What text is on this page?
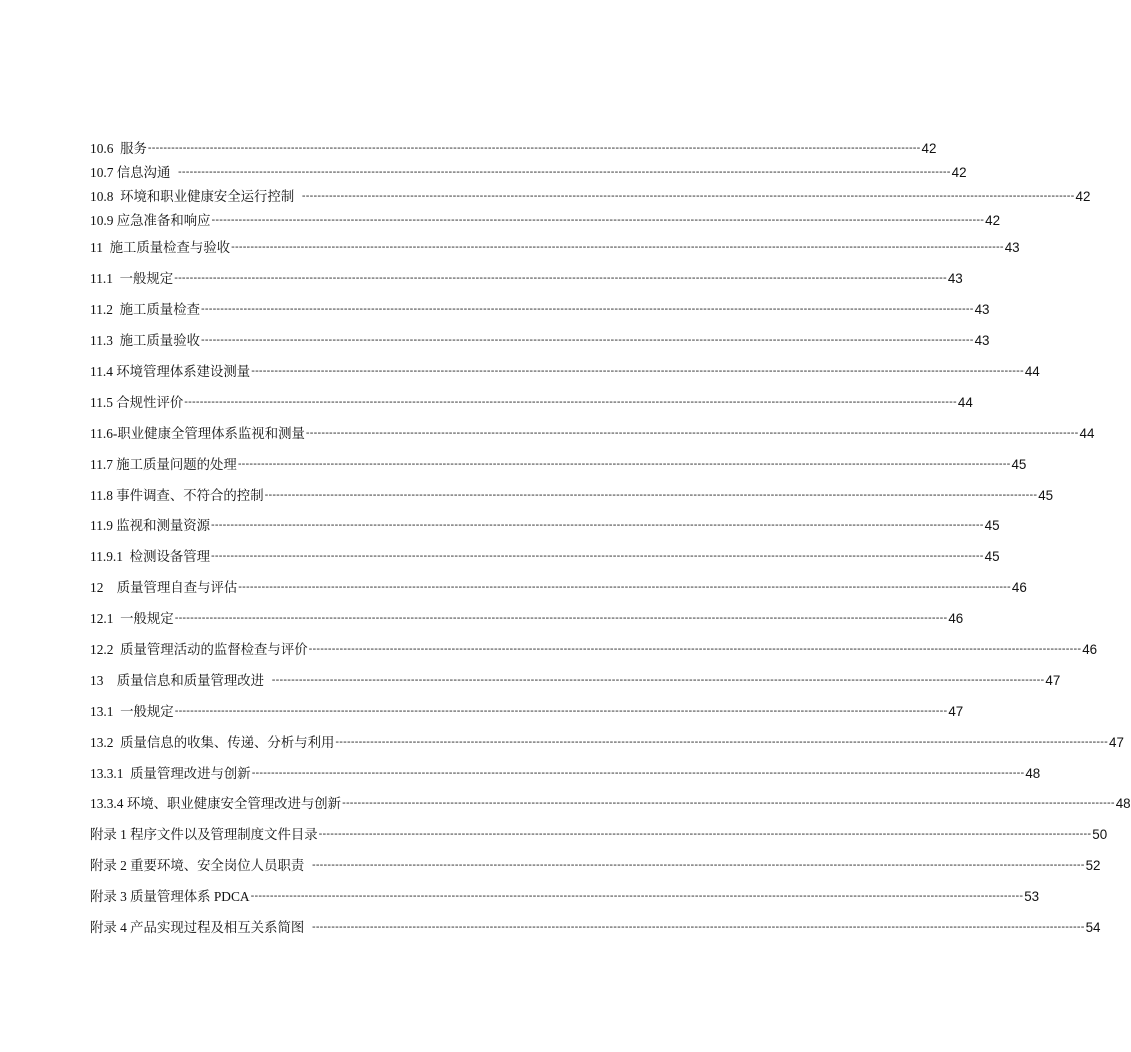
10.6  服务 -------------------------------------------------------------------------------------------------------------------------------------------------------------------------------------------------------- 42
10.7 信息沟通 -------------------------------------------------------------------------------------------------------------------------------------------------------------------------------------------------------- 42
10.8  环境和职业健康安全运行控制 -------------------------------------------------------------------------------------------------------------------------------------------------------------------------------------------------------- 42
10.9 应急准备和响应 -------------------------------------------------------------------------------------------------------------------------------------------------------------------------------------------------------- 42
11  施工质量检查与验收 -------------------------------------------------------------------------------------------------------------------------------------------------------------------------------------------------------- 43
11.1  一般规定 -------------------------------------------------------------------------------------------------------------------------------------------------------------------------------------------------------- 43
11.2  施工质量检查 -------------------------------------------------------------------------------------------------------------------------------------------------------------------------------------------------------- 43
11.3  施工质量验收 -------------------------------------------------------------------------------------------------------------------------------------------------------------------------------------------------------- 43
11.4 环境管理体系建设测量 -------------------------------------------------------------------------------------------------------------------------------------------------------------------------------------------------------- 44
11.5 合规性评价 -------------------------------------------------------------------------------------------------------------------------------------------------------------------------------------------------------- 44
11.6-职业健康全管理体系监视和测量 -------------------------------------------------------------------------------------------------------------------------------------------------------------------------------------------------------- 44
11.7 施工质量问题的处理 -------------------------------------------------------------------------------------------------------------------------------------------------------------------------------------------------------- 45
11.8 事件调查、不符合的控制 -------------------------------------------------------------------------------------------------------------------------------------------------------------------------------------------------------- 45
11.9 监视和测量资源 -------------------------------------------------------------------------------------------------------------------------------------------------------------------------------------------------------- 45
11.9.1  检测设备管理 -------------------------------------------------------------------------------------------------------------------------------------------------------------------------------------------------------- 45
12    质量管理自查与评估 -------------------------------------------------------------------------------------------------------------------------------------------------------------------------------------------------------- 46
12.1  一般规定 -------------------------------------------------------------------------------------------------------------------------------------------------------------------------------------------------------- 46
12.2  质量管理活动的监督检查与评价 -------------------------------------------------------------------------------------------------------------------------------------------------------------------------------------------------------- 46
13    质量信息和质量管理改进 -------------------------------------------------------------------------------------------------------------------------------------------------------------------------------------------------------- 47
13.1  一般规定 -------------------------------------------------------------------------------------------------------------------------------------------------------------------------------------------------------- 47
13.2  质量信息的收集、传递、分析与利用 -------------------------------------------------------------------------------------------------------------------------------------------------------------------------------------------------------- 47
13.3.1  质量管理改进与创新 -------------------------------------------------------------------------------------------------------------------------------------------------------------------------------------------------------- 48
13.3.4 环境、职业健康安全管理改进与创新 -------------------------------------------------------------------------------------------------------------------------------------------------------------------------------------------------------- 48
附录 1 程序文件以及管理制度文件目录 -------------------------------------------------------------------------------------------------------------------------------------------------------------------------------------------------------- 50
附录 2 重要环境、安全岗位人员职责 -------------------------------------------------------------------------------------------------------------------------------------------------------------------------------------------------------- 52
附录 3 质量管理体系 PDCA -------------------------------------------------------------------------------------------------------------------------------------------------------------------------------------------------------- 53
附录 4 产品实现过程及相互关系简图 -------------------------------------------------------------------------------------------------------------------------------------------------------------------------------------------------------- 54
